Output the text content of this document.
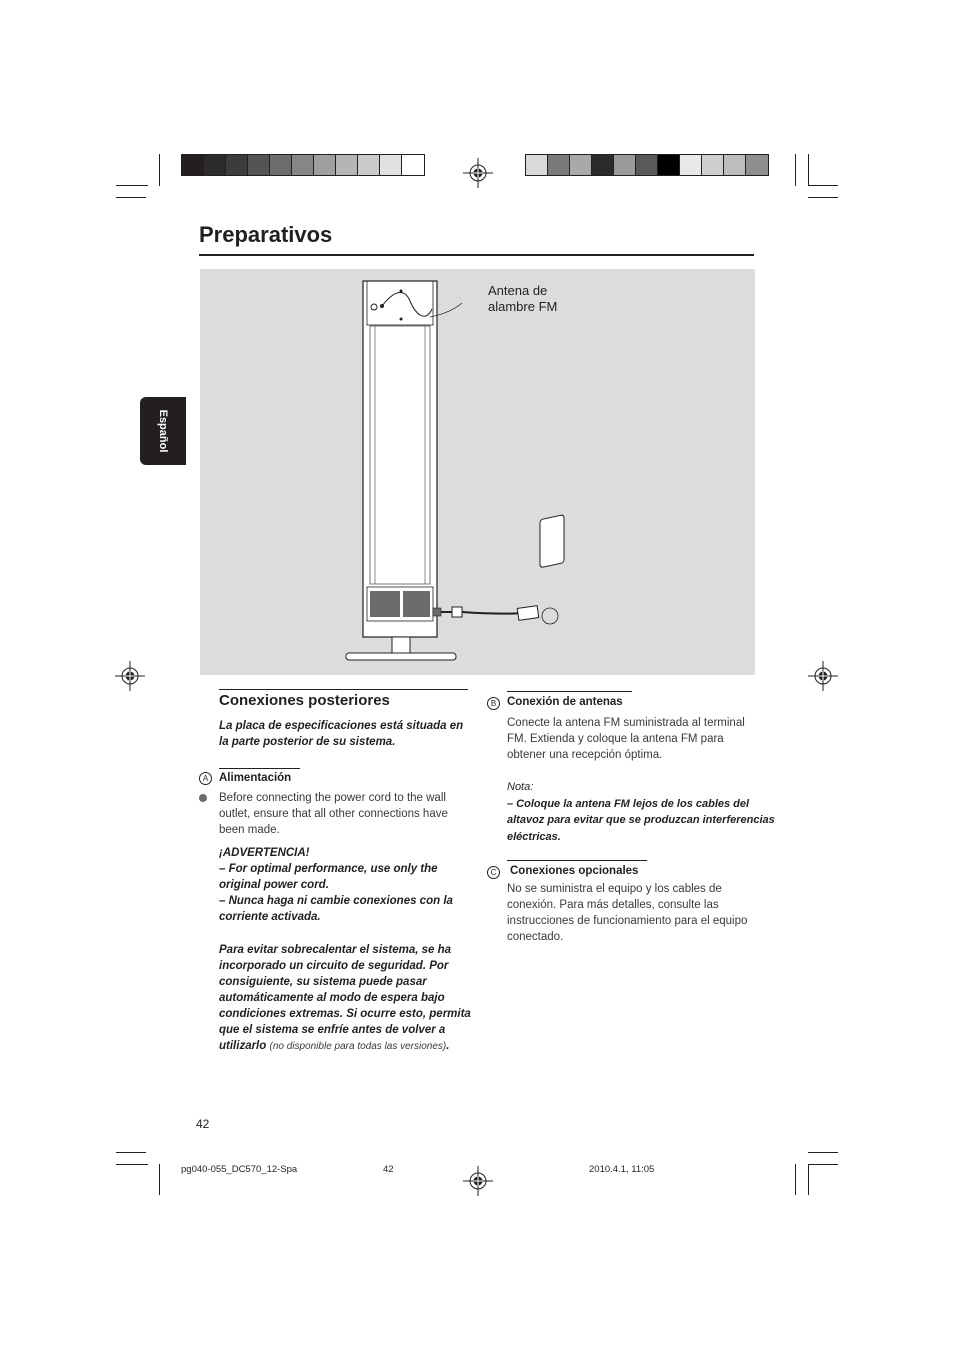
Preparativos
Español
Antena de
alambre FM
Conexiones posteriores
La placa de especificaciones está situada en
la parte posterior de su sistema.
A Alimentación
Before connecting the power cord to the wall
outlet, ensure that all other connections have
been made.
¡ADVERTENCIA!
– For optimal performance, use only the
original power cord.
– Nunca haga ni cambie conexiones con la
corriente activada.
Para evitar sobrecalentar el sistema, se ha
incorporado un circuito de seguridad. Por
consiguiente, su sistema puede pasar
automáticamente al modo de espera bajo
condiciones extremas. Si ocurre esto, permita
que el sistema se enfríe antes de volver a
utilizarlo (no disponible para todas las versiones).
B Conexión de antenas
Conecte la antena FM suministrada al terminal
FM. Extienda y coloque la antena FM para
obtener una recepción óptima.
Nota:
– Coloque la antena FM lejos de los cables del
altavoz para evitar que se produzcan interferencias
eléctricas.
C	Conexiones opcionales
No se suministra el equipo y los cables de
conexión. Para más detalles, consulte las
instrucciones de funcionamiento para el equipo
conectado.
42
pg040-055_DC570_12-Spa	42	2010.4.1, 11:05
